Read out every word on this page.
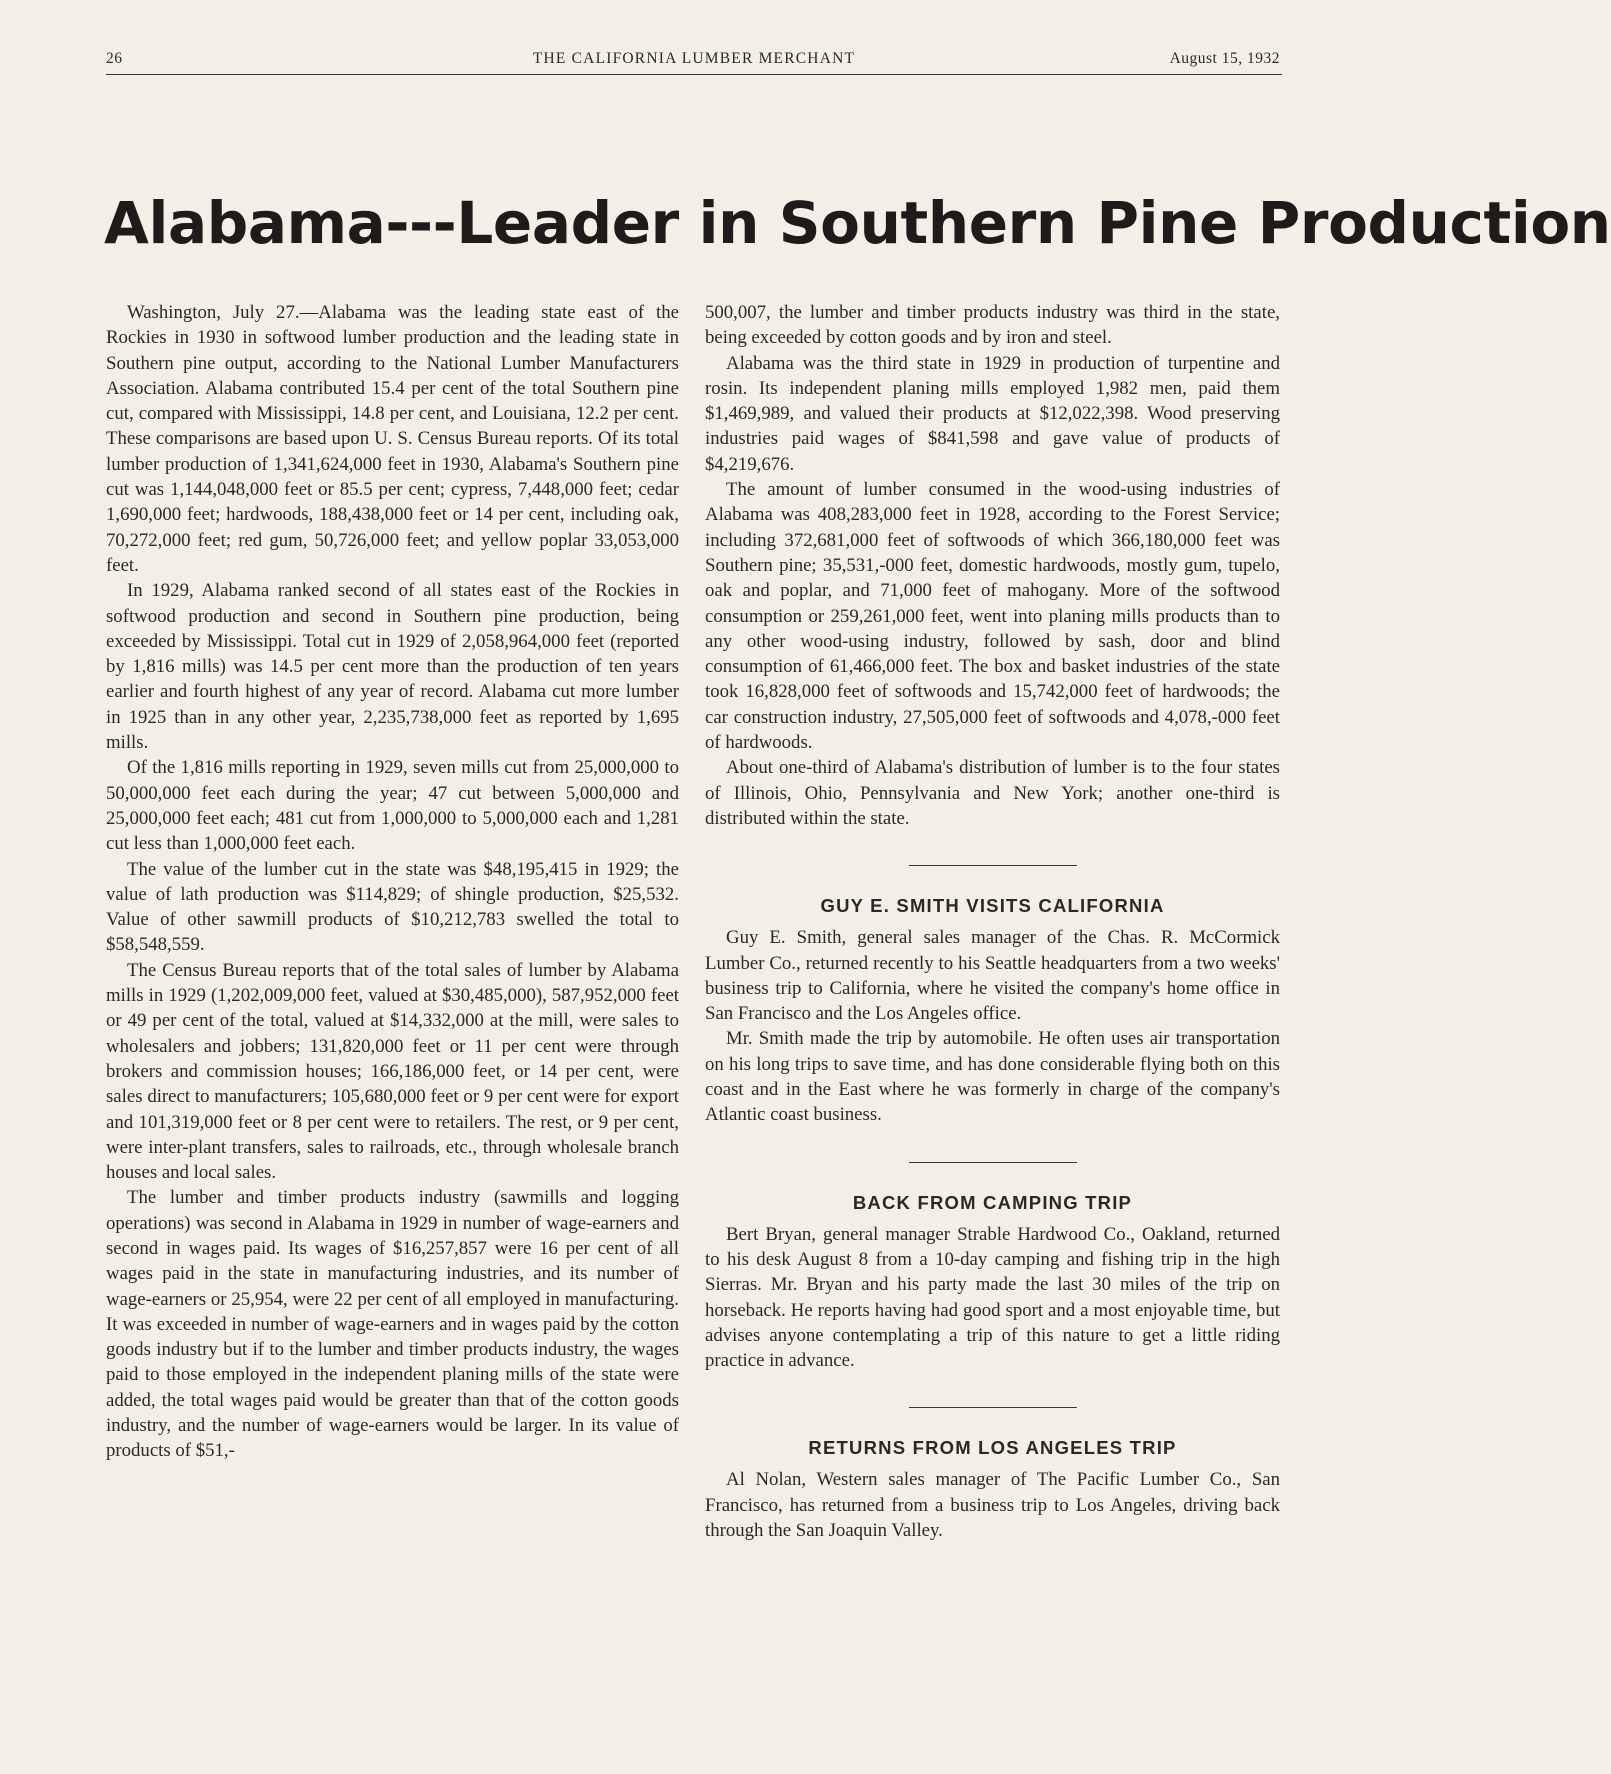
26	THE CALIFORNIA LUMBER MERCHANT	August 15, 1932
Alabama---Leader in Southern Pine Production

Washington, July 27.—Alabama was the leading state east of the Rockies in 1930 in softwood lumber production and the leading state in Southern pine output, according to the National Lumber Manufacturers Association. Alabama contributed 15.4 per cent of the total Southern pine cut, compared with Mississippi, 14.8 per cent, and Louisiana, 12.2 per cent. These comparisons are based upon U. S. Census Bureau reports. Of its total lumber production of 1,341,624,000 feet in 1930, Alabama's Southern pine cut was 1,144,048,000 feet or 85.5 per cent; cypress, 7,448,000 feet; cedar 1,690,000 feet; hardwoods, 188,438,000 feet or 14 per cent, including oak, 70,272,000 feet; red gum, 50,726,000 feet; and yellow poplar 33,053,000 feet.

In 1929, Alabama ranked second of all states east of the Rockies in softwood production and second in Southern pine production, being exceeded by Mississippi. Total cut in 1929 of 2,058,964,000 feet (reported by 1,816 mills) was 14.5 per cent more than the production of ten years earlier and fourth highest of any year of record. Alabama cut more lumber in 1925 than in any other year, 2,235,738,000 feet as reported by 1,695 mills.

Of the 1,816 mills reporting in 1929, seven mills cut from 25,000,000 to 50,000,000 feet each during the year; 47 cut between 5,000,000 and 25,000,000 feet each; 481 cut from 1,000,000 to 5,000,000 each and 1,281 cut less than 1,000,000 feet each.

The value of the lumber cut in the state was $48,195,415 in 1929; the value of lath production was $114,829; of shingle production, $25,532. Value of other sawmill products of $10,212,783 swelled the total to $58,548,559.

The Census Bureau reports that of the total sales of lumber by Alabama mills in 1929 (1,202,009,000 feet, valued at $30,485,000), 587,952,000 feet or 49 per cent of the total, valued at $14,332,000 at the mill, were sales to wholesalers and jobbers; 131,820,000 feet or 11 per cent were through brokers and commission houses; 166,186,000 feet, or 14 per cent, were sales direct to manufacturers; 105,680,000 feet or 9 per cent were for export and 101,319,000 feet or 8 per cent were to retailers. The rest, or 9 per cent, were inter-plant transfers, sales to railroads, etc., through wholesale branch houses and local sales.

The lumber and timber products industry (sawmills and logging operations) was second in Alabama in 1929 in number of wage-earners and second in wages paid. Its wages of $16,257,857 were 16 per cent of all wages paid in the state in manufacturing industries, and its number of wage-earners or 25,954, were 22 per cent of all employed in manufacturing. It was exceeded in number of wage-earners and in wages paid by the cotton goods industry but if to the lumber and timber products industry, the wages paid to those employed in the independent planing mills of the state were added, the total wages paid would be greater than that of the cotton goods industry, and the number of wage-earners would be larger. In its value of products of $51,-

500,007, the lumber and timber products industry was third in the state, being exceeded by cotton goods and by iron and steel.

Alabama was the third state in 1929 in production of turpentine and rosin. Its independent planing mills employed 1,982 men, paid them $1,469,989, and valued their products at $12,022,398. Wood preserving industries paid wages of $841,598 and gave value of products of $4,219,676.

The amount of lumber consumed in the wood-using industries of Alabama was 408,283,000 feet in 1928, according to the Forest Service; including 372,681,000 feet of softwoods of which 366,180,000 feet was Southern pine; 35,531,-000 feet, domestic hardwoods, mostly gum, tupelo, oak and poplar, and 71,000 feet of mahogany. More of the softwood consumption or 259,261,000 feet, went into planing mills products than to any other wood-using industry, followed by sash, door and blind consumption of 61,466,000 feet. The box and basket industries of the state took 16,828,000 feet of softwoods and 15,742,000 feet of hardwoods; the car construction industry, 27,505,000 feet of softwoods and 4,078,-000 feet of hardwoods.

About one-third of Alabama's distribution of lumber is to the four states of Illinois, Ohio, Pennsylvania and New York; another one-third is distributed within the state.

GUY E. SMITH VISITS CALIFORNIA

Guy E. Smith, general sales manager of the Chas. R. McCormick Lumber Co., returned recently to his Seattle headquarters from a two weeks' business trip to California, where he visited the company's home office in San Francisco and the Los Angeles office.

Mr. Smith made the trip by automobile. He often uses air transportation on his long trips to save time, and has done considerable flying both on this coast and in the East where he was formerly in charge of the company's Atlantic coast business.

BACK FROM CAMPING TRIP

Bert Bryan, general manager Strable Hardwood Co., Oakland, returned to his desk August 8 from a 10-day camping and fishing trip in the high Sierras. Mr. Bryan and his party made the last 30 miles of the trip on horseback. He reports having had good sport and a most enjoyable time, but advises anyone contemplating a trip of this nature to get a little riding practice in advance.

RETURNS FROM LOS ANGELES TRIP

Al Nolan, Western sales manager of The Pacific Lumber Co., San Francisco, has returned from a business trip to Los Angeles, driving back through the San Joaquin Valley.
